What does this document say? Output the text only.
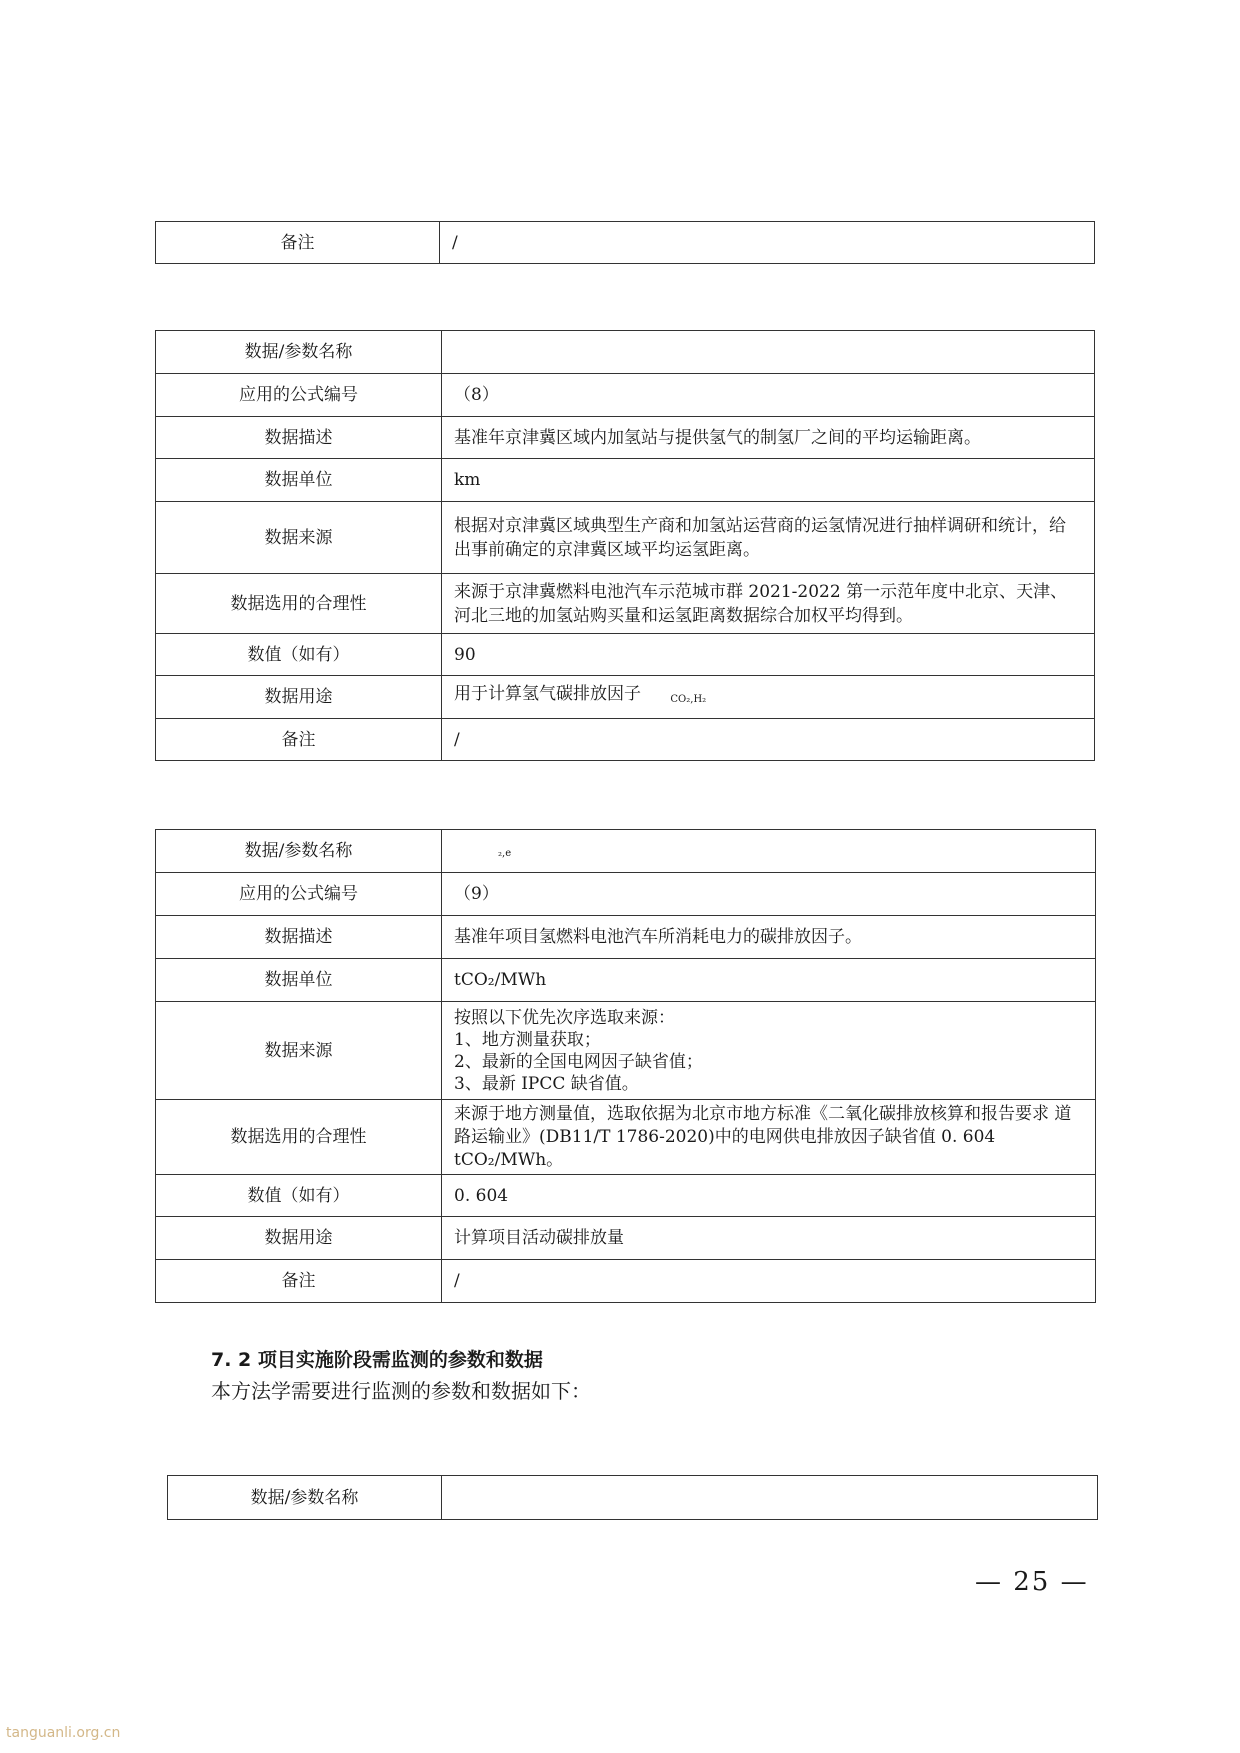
备注	/
数据/参数名称	
应用的公式编号	（8）
数据描述	基准年京津冀区域内加氢站与提供氢气的制氢厂之间的平均运输距离。
数据单位	km
数据来源	根据对京津冀区域典型生产商和加氢站运营商的运氢情况进行抽样调研和统计，给出事前确定的京津冀区域平均运氢距离。
数据选用的合理性	来源于京津冀燃料电池汽车示范城市群 2021-2022 第一示范年度中北京、天津、河北三地的加氢站购买量和运氢距离数据综合加权平均得到。
数值（如有）	90
数据用途	用于计算氢气碳排放因子 $_{CO_2,H_2}$
备注	/
数据/参数名称	$_{_2,e}$
应用的公式编号	（9）
数据描述	基准年项目氢燃料电池汽车所消耗电力的碳排放因子。
数据单位	tCO₂/MWh
数据来源	按照以下优先次序选取来源：
1、地方测量获取；
2、最新的全国电网因子缺省值；
3、最新 IPCC 缺省值。

数据选用的合理性	来源于地方测量值，选取依据为北京市地方标准《二氧化碳排放核算和报告要求 道路运输业》(DB11/T 1786-2020)中的电网供电排放因子缺省值 0. 604 tCO₂/MWh。
数值（如有）	0. 604
数据用途	计算项目活动碳排放量
备注	/
7. 2 项目实施阶段需监测的参数和数据
本方法学需要进行监测的参数和数据如下：
数据/参数名称	
— 25 —
tanguanli.org.cn
